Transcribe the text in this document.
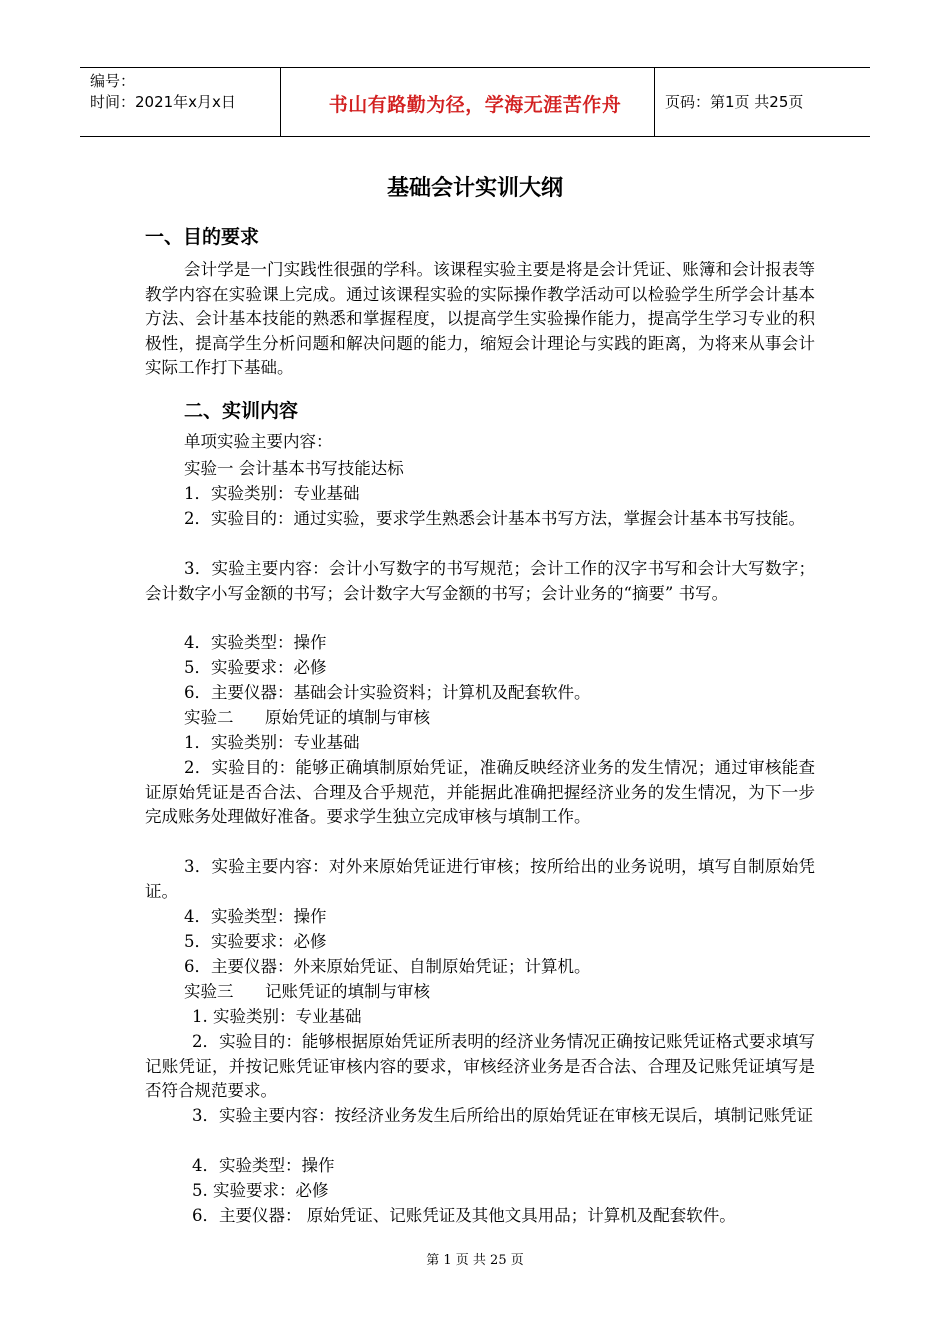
编号：
时间：2021年x月x日	书山有路勤为径，学海无涯苦作舟	页码：第1页 共25页
基础会计实训大纲
一、目的要求
会计学是一门实践性很强的学科。该课程实验主要是将是会计凭证、账簿和会计报表等教学内容在实验课上完成。通过该课程实验的实际操作教学活动可以检验学生所学会计基本方法、会计基本技能的熟悉和掌握程度，以提高学生实验操作能力，提高学生学习专业的积极性，提高学生分析问题和解决问题的能力，缩短会计理论与实践的距离，为将来从事会计实际工作打下基础。
二、实训内容
单项实验主要内容：
实验一 会计基本书写技能达标
1．实验类别：专业基础
2．实验目的：通过实验，要求学生熟悉会计基本书写方法，掌握会计基本书写技能。
3．实验主要内容：会计小写数字的书写规范；会计工作的汉字书写和会计大写数字；会计数字小写金额的书写；会计数字大写金额的书写；会计业务的“摘要” 书写。
4．实验类型：操作
5．实验要求：必修
6．主要仪器：基础会计实验资料；计算机及配套软件。
实验二      原始凭证的填制与审核
1．实验类别：专业基础
2．实验目的：能够正确填制原始凭证，准确反映经济业务的发生情况；通过审核能查证原始凭证是否合法、合理及合乎规范，并能据此准确把握经济业务的发生情况，为下一步完成账务处理做好准备。要求学生独立完成审核与填制工作。
3．实验主要内容：对外来原始凭证进行审核；按所给出的业务说明，填写自制原始凭证。
4．实验类型：操作
5．实验要求：必修
6．主要仪器：外来原始凭证、自制原始凭证；计算机。
实验三      记账凭证的填制与审核
1. 实验类别：专业基础
2．实验目的：能够根据原始凭证所表明的经济业务情况正确按记账凭证格式要求填写记账凭证，并按记账凭证审核内容的要求，审核经济业务是否合法、合理及记账凭证填写是否符合规范要求。
3．实验主要内容：按经济业务发生后所给出的原始凭证在审核无误后，填制记账凭证
4．实验类型：操作
5. 实验要求：必修
6．主要仪器： 原始凭证、记账凭证及其他文具用品；计算机及配套软件。
第 1 页 共 25 页
